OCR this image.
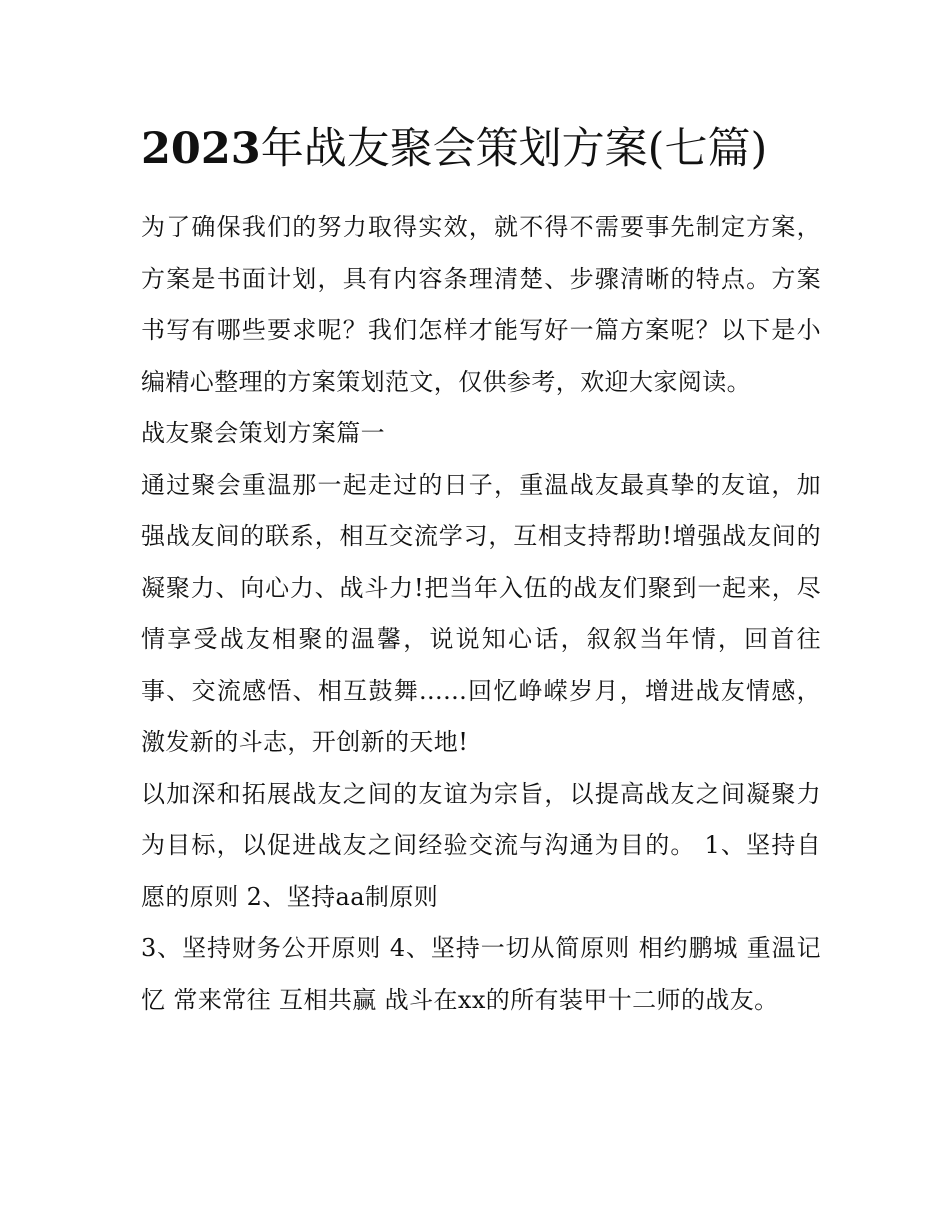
2023年战友聚会策划方案(七篇)

为了确保我们的努力取得实效，就不得不需要事先制定方案，方案是书面计划，具有内容条理清楚、步骤清晰的特点。方案书写有哪些要求呢？我们怎样才能写好一篇方案呢？以下是小编精心整理的方案策划范文，仅供参考，欢迎大家阅读。

战友聚会策划方案篇一

通过聚会重温那一起走过的日子，重温战友最真挚的友谊，加强战友间的联系，相互交流学习，互相支持帮助!增强战友间的凝聚力、向心力、战斗力!把当年入伍的战友们聚到一起来，尽情享受战友相聚的温馨，说说知心话，叙叙当年情，回首往事、交流感悟、相互鼓舞......回忆峥嵘岁月，增进战友情感，激发新的斗志，开创新的天地!

以加深和拓展战友之间的友谊为宗旨，以提高战友之间凝聚力为目标，以促进战友之间经验交流与沟通为目的。 1、坚持自愿的原则 2、坚持aa制原则

3、坚持财务公开原则 4、坚持一切从简原则 相约鹏城 重温记忆 常来常往 互相共赢 战斗在xx的所有装甲十二师的战友。
